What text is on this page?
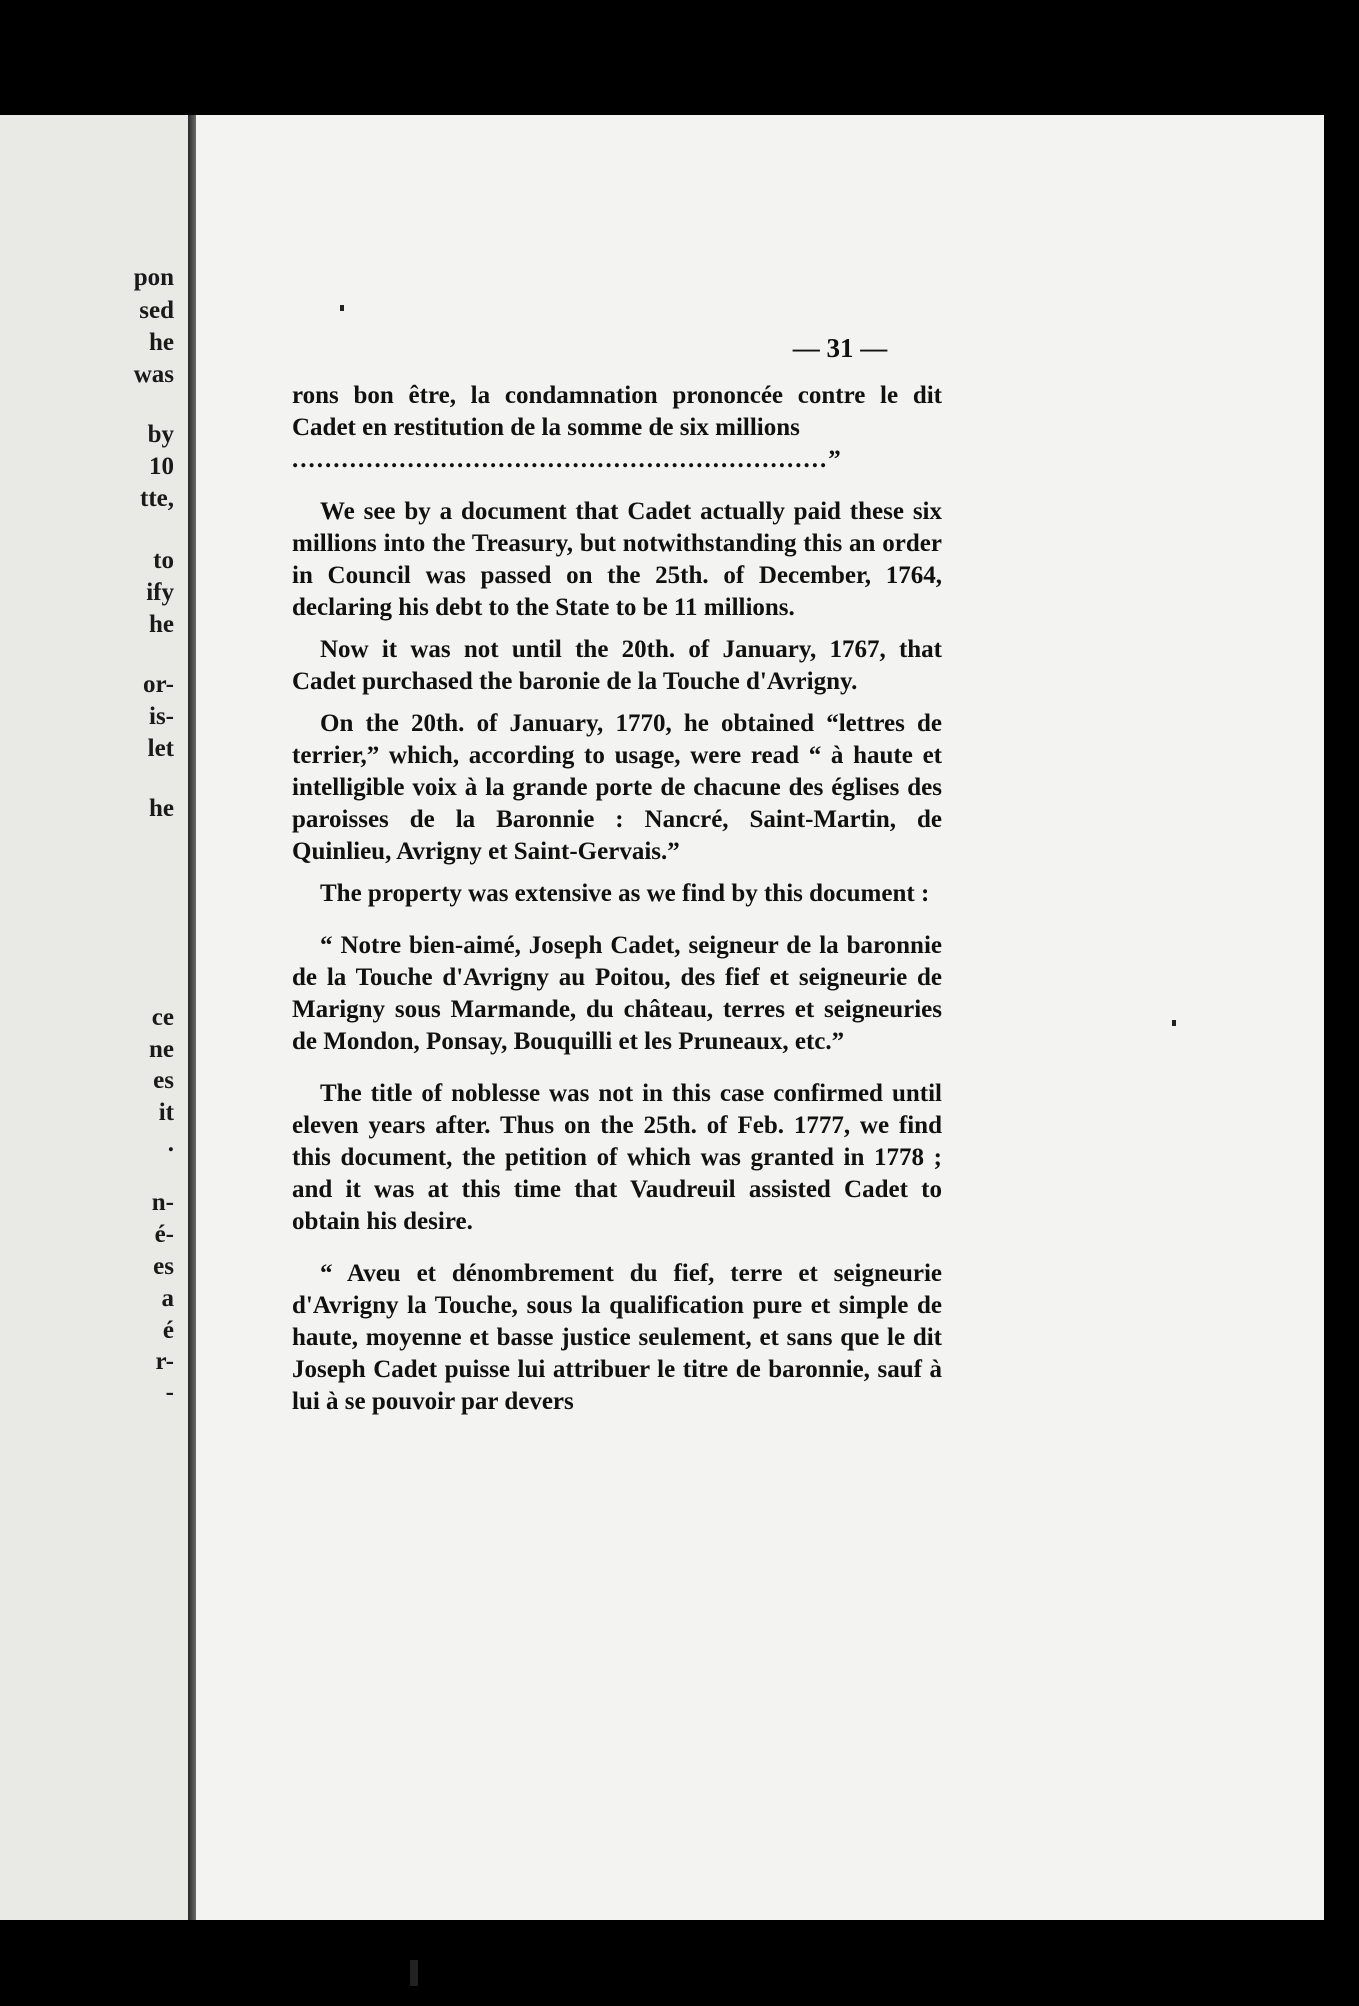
pon
sed
he
was
by
10
tte,
to
ify
he
or-
is-
let
he
ce
ne
es
it
.
n-
é-
es
a
é
r-
-
— 31 —

rons bon être, la condamnation prononcée contre le dit Cadet en restitution de la somme de six millions

.................................................................”

We see by a document that Cadet actually paid these six millions into the Treasury, but notwithstanding this an order in Council was passed on the 25th. of December, 1764, declaring his debt to the State to be 11 millions.

Now it was not until the 20th. of January, 1767, that Cadet purchased the baronie de la Touche d'Avrigny.

On the 20th. of January, 1770, he obtained “lettres de terrier,” which, according to usage, were read “ à haute et intelligible voix à la grande porte de chacune des églises des paroisses de la Baronnie : Nancré, Saint-Martin, de Quinlieu, Avrigny et Saint-Gervais.”

The property was extensive as we find by this document :

“ Notre bien-aimé, Joseph Cadet, seigneur de la baronnie de la Touche d'Avrigny au Poitou, des fief et seigneurie de Marigny sous Marmande, du château, terres et seigneuries de Mondon, Ponsay, Bouquilli et les Pruneaux, etc.”

The title of noblesse was not in this case confirmed until eleven years after. Thus on the 25th. of Feb. 1777, we find this document, the petition of which was granted in 1778 ; and it was at this time that Vaudreuil assisted Cadet to obtain his desire.

“ Aveu et dénombrement du fief, terre et seigneurie d'Avrigny la Touche, sous la qualification pure et simple de haute, moyenne et basse justice seulement, et sans que le dit Joseph Cadet puisse lui attribuer le titre de baronnie, sauf à lui à se pouvoir par devers
